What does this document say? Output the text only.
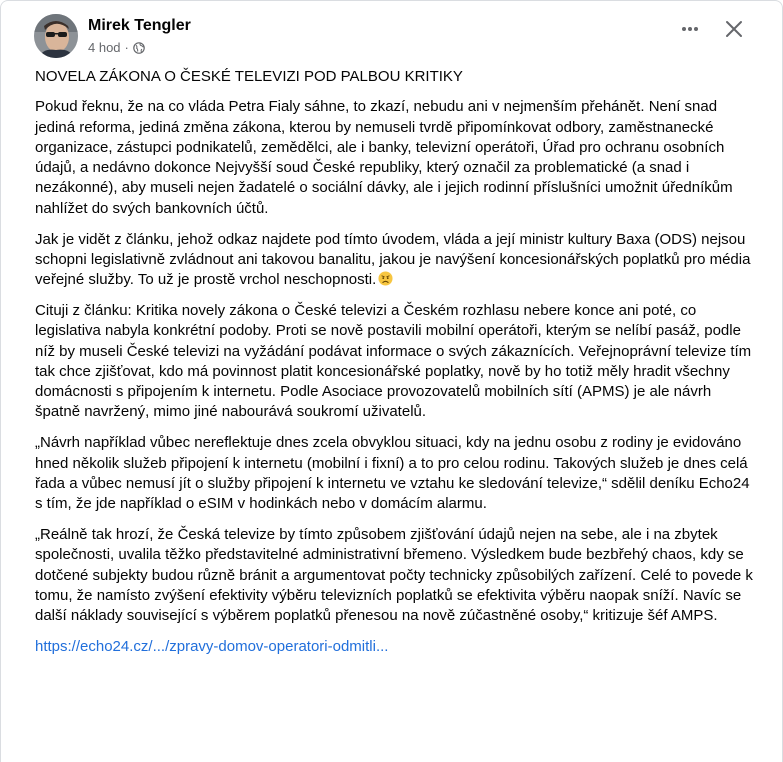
Mirek Tengler
4 hod ·

NOVELA ZÁKONA O ČESKÉ TELEVIZI POD PALBOU KRITIKY

Pokud řeknu, že na co vláda Petra Fialy sáhne, to zkazí, nebudu ani v nejmenším přehánět. Není snad jediná reforma, jediná změna zákona, kterou by nemuseli tvrdě připomínkovat odbory, zaměstnanecké organizace, zástupci podnikatelů, zemědělci, ale i banky, televizní operátoři, Úřad pro ochranu osobních údajů, a nedávno dokonce Nejvyšší soud České republiky, který označil za problematické (a snad i nezákonné), aby museli nejen žadatelé o sociální dávky, ale i jejich rodinní příslušníci umožnit úředníkům nahlížet do svých bankovních účtů.

Jak je vidět z článku, jehož odkaz najdete pod tímto úvodem, vláda a její ministr kultury Baxa (ODS) nejsou schopni legislativně zvládnout ani takovou banalitu, jakou je navýšení koncesionářských poplatků pro média veřejné služby. To už je prostě vrchol neschopnosti.

Cituji z článku: Kritika novely zákona o České televizi a Českém rozhlasu nebere konce ani poté, co legislativa nabyla konkrétní podoby. Proti se nově postavili mobilní operátoři, kterým se nelíbí pasáž, podle níž by museli České televizi na vyžádání podávat informace o svých zákaznících. Veřejnoprávní televize tím tak chce zjišťovat, kdo má povinnost platit koncesionářské poplatky, nově by ho totiž měly hradit všechny domácnosti s připojením k internetu. Podle Asociace provozovatelů mobilních sítí (APMS) je ale návrh špatně navržený, mimo jiné nabourává soukromí uživatelů.

„Návrh například vůbec nereflektuje dnes zcela obvyklou situaci, kdy na jednu osobu z rodiny je evidováno hned několik služeb připojení k internetu (mobilní i fixní) a to pro celou rodinu. Takových služeb je dnes celá řada a vůbec nemusí jít o služby připojení k internetu ve vztahu ke sledování televize,“ sdělil deníku Echo24 s tím, že jde například o eSIM v hodinkách nebo v domácím alarmu.

„Reálně tak hrozí, že Česká televize by tímto způsobem zjišťování údajů nejen na sebe, ale i na zbytek společnosti, uvalila těžko představitelné administrativní břemeno. Výsledkem bude bezbřehý chaos, kdy se dotčené subjekty budou různě bránit a argumentovat počty technicky způsobilých zařízení. Celé to povede k tomu, že namísto zvýšení efektivity výběru televizních poplatků se efektivita výběru naopak sníží. Navíc se další náklady související s výběrem poplatků přenesou na nově zúčastněné osoby,“ kritizuje šéf AMPS.

https://echo24.cz/.../zpravy-domov-operatori-odmitli...
